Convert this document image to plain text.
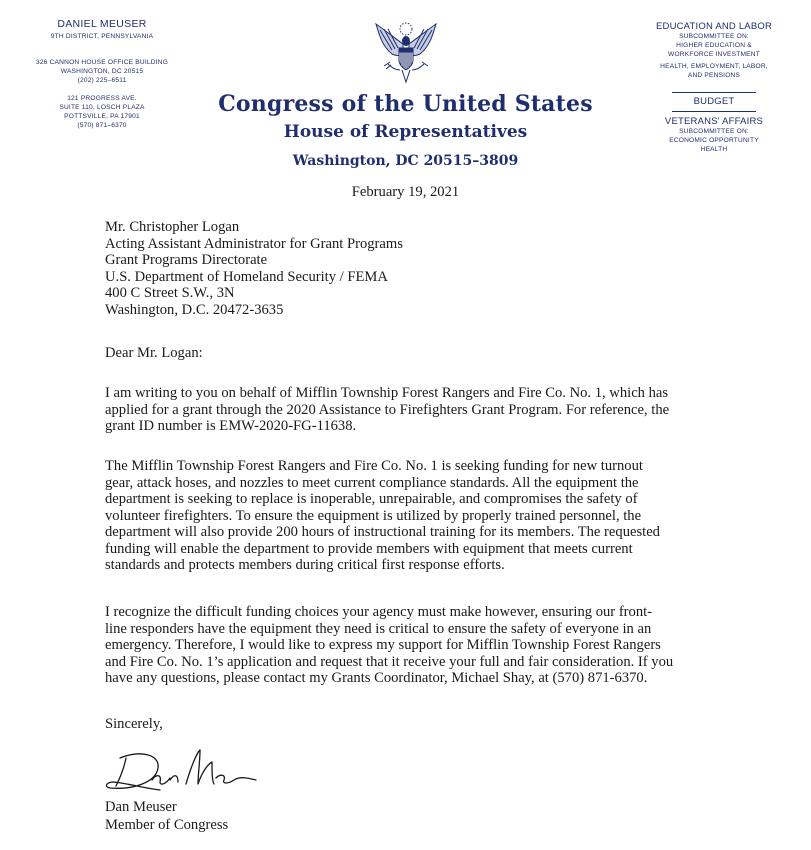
DANIEL MEUSER
9TH DISTRICT, PENNSYLVANIA
326 CANNON HOUSE OFFICE BUILDING
WASHINGTON, DC 20515
(202) 225–6511
121 PROGRESS AVE.
SUITE 110, LOSCH PLAZA
POTTSVILLE, PA 17901
(570) 871–6370
Congress of the United States
House of Representatives
Washington, DC 20515–3809
EDUCATION AND LABOR
SUBCOMMITTEE ON:
HIGHER EDUCATION &
WORKFORCE INVESTMENT
HEALTH, EMPLOYMENT, LABOR,
AND PENSIONS
BUDGET
VETERANS' AFFAIRS
SUBCOMMITTEE ON:
ECONOMIC OPPORTUNITY
HEALTH
February 19, 2021
Mr. Christopher Logan
Acting Assistant Administrator for Grant Programs
Grant Programs Directorate
U.S. Department of Homeland Security / FEMA
400 C Street S.W., 3N
Washington, D.C. 20472-3635
Dear Mr. Logan:
I am writing to you on behalf of Mifflin Township Forest Rangers and Fire Co. No. 1, which has
applied for a grant through the 2020 Assistance to Firefighters Grant Program. For reference, the
grant ID number is EMW-2020-FG-11638.
The Mifflin Township Forest Rangers and Fire Co. No. 1 is seeking funding for new turnout
gear, attack hoses, and nozzles to meet current compliance standards. All the equipment the
department is seeking to replace is inoperable, unrepairable, and compromises the safety of
volunteer firefighters. To ensure the equipment is utilized by properly trained personnel, the
department will also provide 200 hours of instructional training for its members. The requested
funding will enable the department to provide members with equipment that meets current
standards and protects members during critical first response efforts.
I recognize the difficult funding choices your agency must make however, ensuring our front-
line responders have the equipment they need is critical to ensure the safety of everyone in an
emergency. Therefore, I would like to express my support for Mifflin Township Forest Rangers
and Fire Co. No. 1’s application and request that it receive your full and fair consideration. If you
have any questions, please contact my Grants Coordinator, Michael Shay, at (570) 871-6370.
Sincerely,
Dan Meuser
Member of Congress
